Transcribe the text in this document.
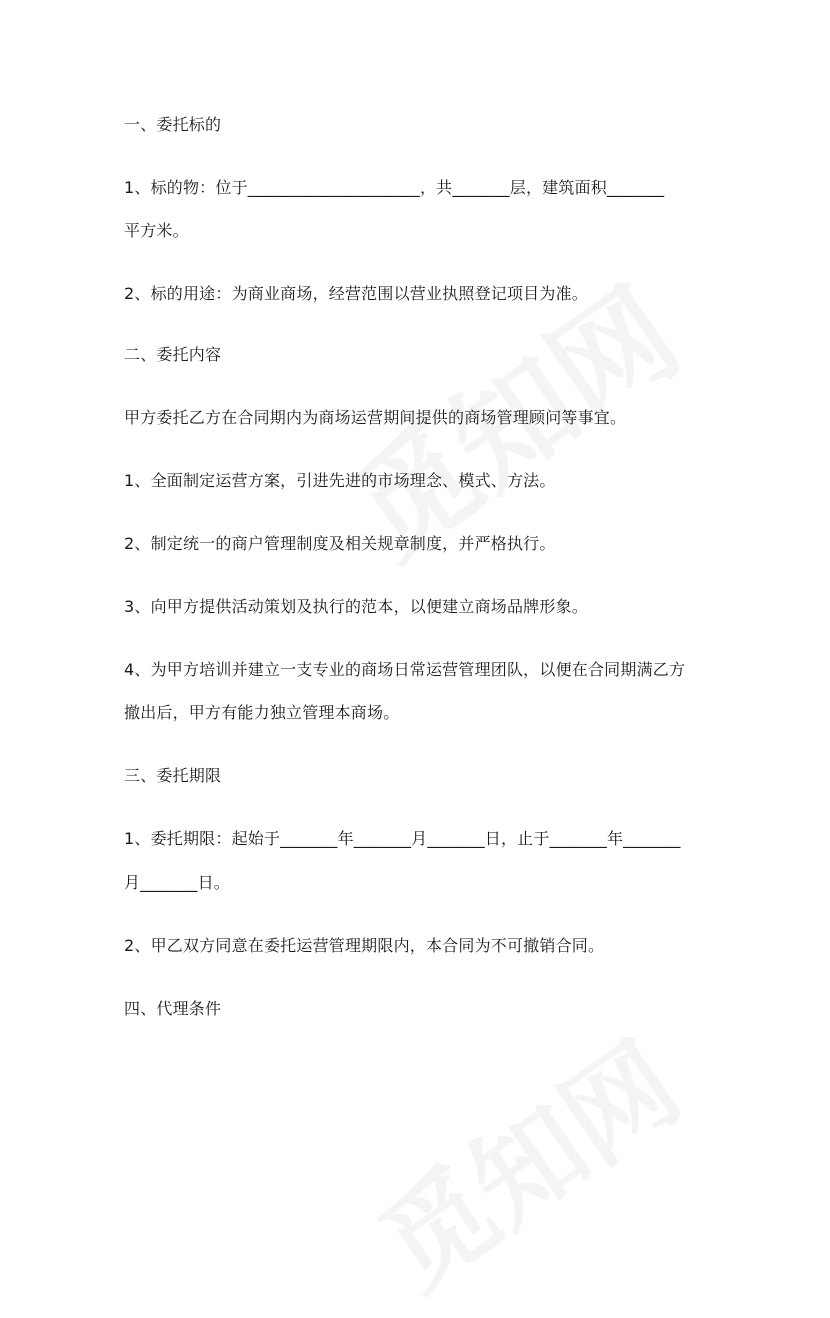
一、委托标的
1、标的物：位于_____________________，共_______层，建筑面积_______
平方米。
2、标的用途：为商业商场，经营范围以营业执照登记项目为准。
二、委托内容
甲方委托乙方在合同期内为商场运营期间提供的商场管理顾问等事宜。
1、全面制定运营方案，引进先进的市场理念、模式、方法。
2、制定统一的商户管理制度及相关规章制度，并严格执行。
3、向甲方提供活动策划及执行的范本，以便建立商场品牌形象。
4、为甲方培训并建立一支专业的商场日常运营管理团队，以便在合同期满乙方
撤出后，甲方有能力独立管理本商场。
三、委托期限
1、委托期限：起始于_______年_______月_______日，止于_______年_______
月_______日。
2、甲乙双方同意在委托运营管理期限内，本合同为不可撤销合同。
四、代理条件
